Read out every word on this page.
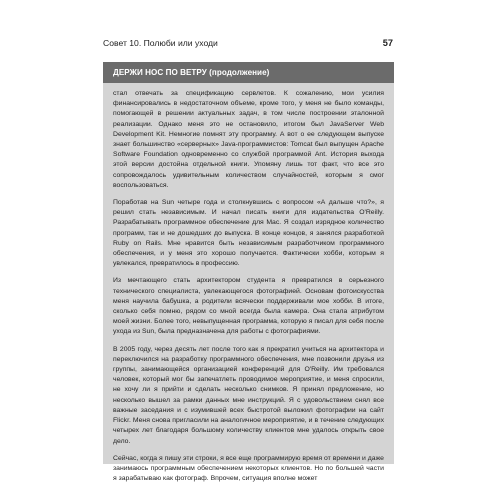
Совет 10. Полюби или уходи	57
ДЕРЖИ НОС ПО ВЕТРУ (продолжение)

стал отвечать за спецификацию сервлетов. К сожалению, мои усилия финансировались в недостаточном объеме, кроме того, у меня не было команды, помогающей в решении актуальных задач, в том числе построении эталонной реализации. Однако меня это не остановило, итогом был JavaServer Web Development Kit. Немногие помнят эту программу. А вот о ее следующем выпуске знает большинство «серверных» Java-программистов: Tomcat был выпущен Apache Software Foundation одновременно со службой программой Ant. История выхода этой версии достойна отдельной книги. Упомяну лишь тот факт, что все это сопровождалось удивительным количеством случайностей, которым я смог воспользоваться.

Поработав на Sun четыре года и столкнувшись с вопросом «А дальше что?», я решил стать независимым. И начал писать книги для издательства O'Reilly. Разрабатывать программное обеспечение для Mac. Я создал изрядное количество программ, так и не дошедших до выпуска. В конце концов, я занялся разработкой Ruby on Rails. Мне нравится быть независимым разработчиком программного обеспечения, и у меня это хорошо получается. Фактически хобби, которым я увлекался, превратилось в профессию.

Из мечтающего стать архитектором студента я превратился в серьезного технического специалиста, увлекающегося фотографией. Основам фотоискусства меня научила бабушка, а родители всячески поддерживали мое хобби. В итоге, сколько себя помню, рядом со мной всегда была камера. Она стала атрибутом моей жизни. Более того, невыпущенная программа, которую я писал для себя после ухода из Sun, была предназначена для работы с фотографиями.

В 2005 году, через десять лет после того как я прекратил учиться на архитектора и переключился на разработку программного обеспечения, мне позвонили друзья из группы, занимающейся организацией конференций для O'Reilly. Им требовался человек, который мог бы запечатлеть проводимое мероприятие, и меня спросили, не хочу ли я прийти и сделать несколько снимков. Я принял предложение, но несколько вышел за рамки данных мне инструкций. Я с удовольствием снял все важные заседания и с изумившей всех быстротой выложил фотографии на сайт Flickr. Меня снова пригласили на аналогичное мероприятие, и в течение следующих четырех лет благодаря большому количеству клиентов мне удалось открыть свое дело.

Сейчас, когда я пишу эти строки, я все еще программирую время от времени и даже занимаюсь программным обеспечением некоторых клиентов. Но по большей части я зарабатываю как фотограф. Впрочем, ситуация вполне может
